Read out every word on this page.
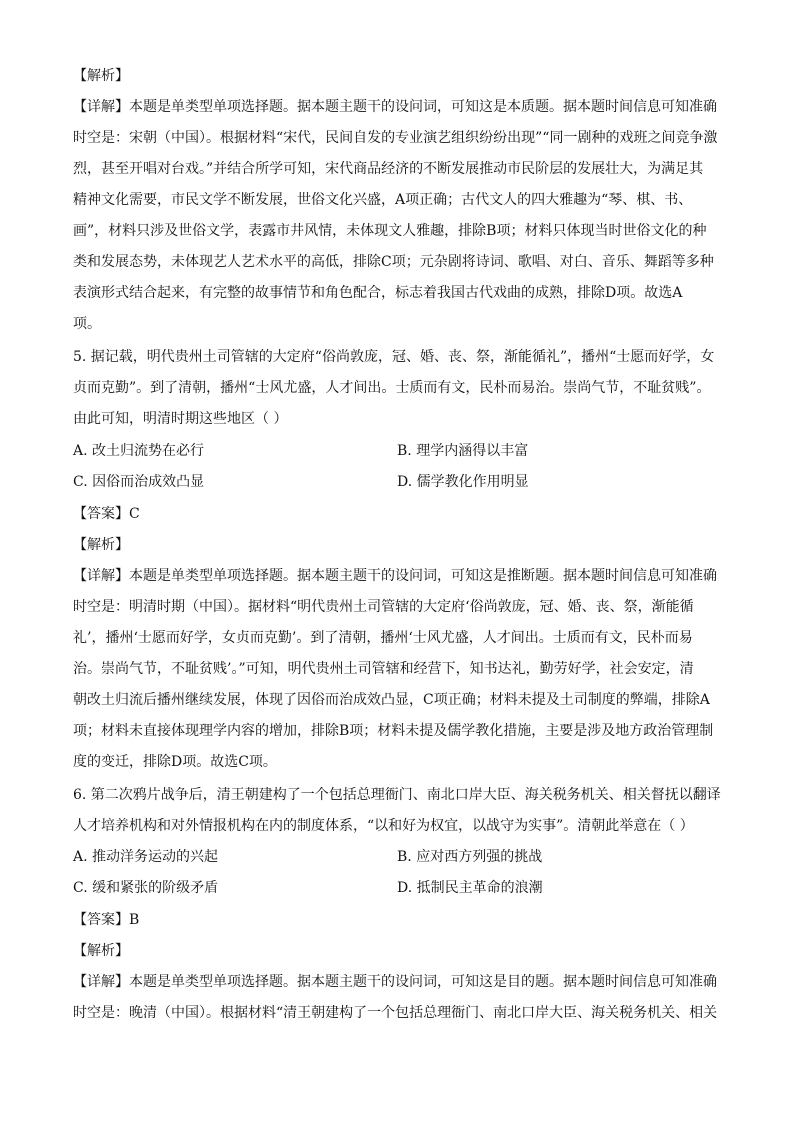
【解析】
【详解】本题是单类型单项选择题。据本题主题干的设问词，可知这是本质题。据本题时间信息可知准确
时空是：宋朝（中国）。根据材料“宋代，民间自发的专业演艺组织纷纷出现”“同一剧种的戏班之间竞争激
烈，甚至开唱对台戏。”并结合所学可知，宋代商品经济的不断发展推动市民阶层的发展壮大，为满足其
精神文化需要，市民文学不断发展，世俗文化兴盛，A项正确；古代文人的四大雅趣为“琴、棋、书、
画”，材料只涉及世俗文学，表露市井风情，未体现文人雅趣，排除B项；材料只体现当时世俗文化的种
类和发展态势，未体现艺人艺术水平的高低，排除C项；元杂剧将诗词、歌唱、对白、音乐、舞蹈等多种
表演形式结合起来，有完整的故事情节和角色配合，标志着我国古代戏曲的成熟，排除D项。故选A
项。
5. 据记载，明代贵州土司管辖的大定府“俗尚敦庞，冠、婚、丧、祭，渐能循礼”，播州“士愿而好学，女
贞而克勤”。到了清朝，播州“士风尤盛，人才间出。士质而有文，民朴而易治。崇尚气节，不耻贫贱”。
由此可知，明清时期这些地区（ ）
A. 改土归流势在必行	B. 理学内涵得以丰富
C. 因俗而治成效凸显	D. 儒学教化作用明显
【答案】C
【解析】
【详解】本题是单类型单项选择题。据本题主题干的设问词，可知这是推断题。据本题时间信息可知准确
时空是：明清时期（中国）。据材料“明代贵州土司管辖的大定府‘俗尚敦庞，冠、婚、丧、祭，渐能循
礼’，播州‘士愿而好学，女贞而克勤’。到了清朝，播州‘士风尤盛，人才间出。士质而有文，民朴而易
治。崇尚气节，不耻贫贱’。”可知，明代贵州土司管辖和经营下，知书达礼，勤劳好学，社会安定，清
朝改土归流后播州继续发展，体现了因俗而治成效凸显，C项正确；材料未提及土司制度的弊端，排除A
项；材料未直接体现理学内容的增加，排除B项；材料未提及儒学教化措施，主要是涉及地方政治管理制
度的变迁，排除D项。故选C项。
6. 第二次鸦片战争后，清王朝建构了一个包括总理衙门、南北口岸大臣、海关税务机关、相关督抚以翻译
人才培养机构和对外情报机构在内的制度体系，“以和好为权宜，以战守为实事”。清朝此举意在（ ）
A. 推动洋务运动的兴起	B. 应对西方列强的挑战
C. 缓和紧张的阶级矛盾	D. 抵制民主革命的浪潮
【答案】B
【解析】
【详解】本题是单类型单项选择题。据本题主题干的设问词，可知这是目的题。据本题时间信息可知准确
时空是：晚清（中国）。根据材料“清王朝建构了一个包括总理衙门、南北口岸大臣、海关税务机关、相关
